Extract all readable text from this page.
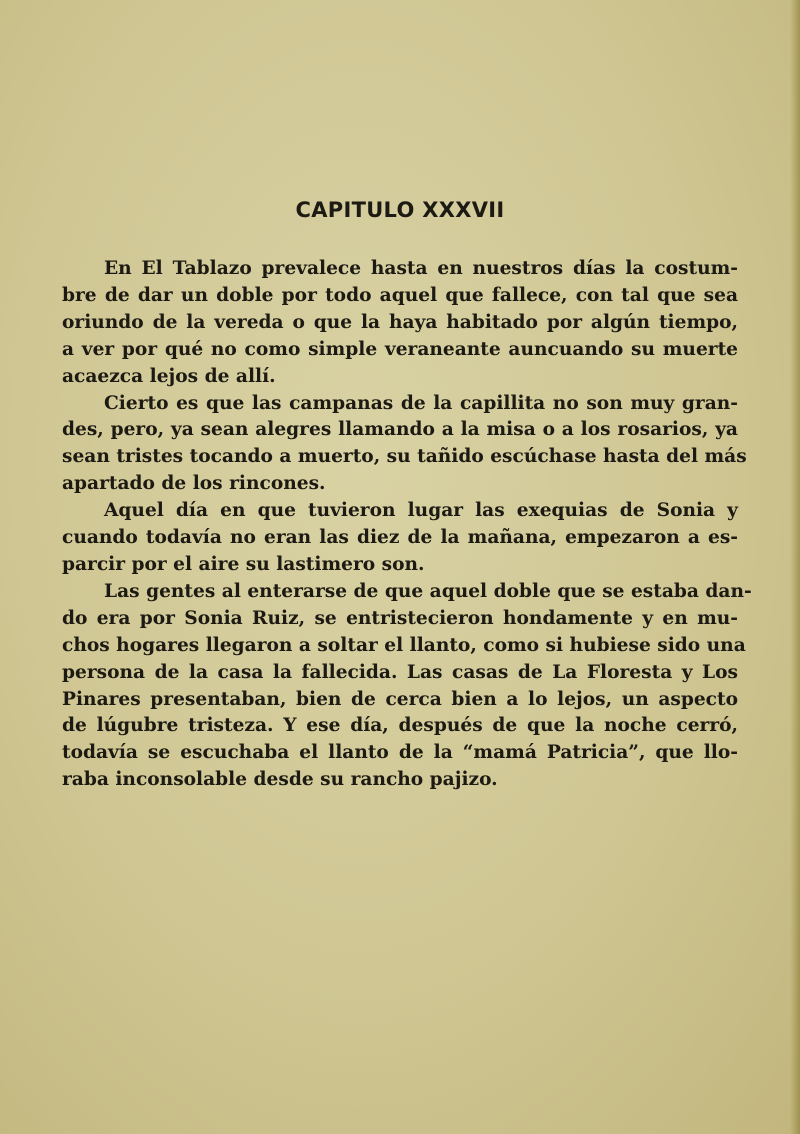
CAPITULO XXXVII

En El Tablazo prevalece hasta en nuestros días la costum-
bre de dar un doble por todo aquel que fallece, con tal que sea
oriundo de la vereda o que la haya habitado por algún tiempo,
a ver por qué no como simple veraneante auncuando su muerte
acaezca lejos de allí.

Cierto es que las campanas de la capillita no son muy gran-
des, pero, ya sean alegres llamando a la misa o a los rosarios, ya
sean tristes tocando a muerto, su tañido escúchase hasta del más
apartado de los rincones.

Aquel día en que tuvieron lugar las exequias de Sonia y
cuando todavía no eran las diez de la mañana, empezaron a es-
parcir por el aire su lastimero son.

Las gentes al enterarse de que aquel doble que se estaba dan-
do era por Sonia Ruiz, se entristecieron hondamente y en mu-
chos hogares llegaron a soltar el llanto, como si hubiese sido una
persona de la casa la fallecida. Las casas de La Floresta y Los
Pinares presentaban, bien de cerca bien a lo lejos, un aspecto
de lúgubre tristeza. Y ese día, después de que la noche cerró,
todavía se escuchaba el llanto de la “mamá Patricia”, que llo-
raba inconsolable desde su rancho pajizo.
